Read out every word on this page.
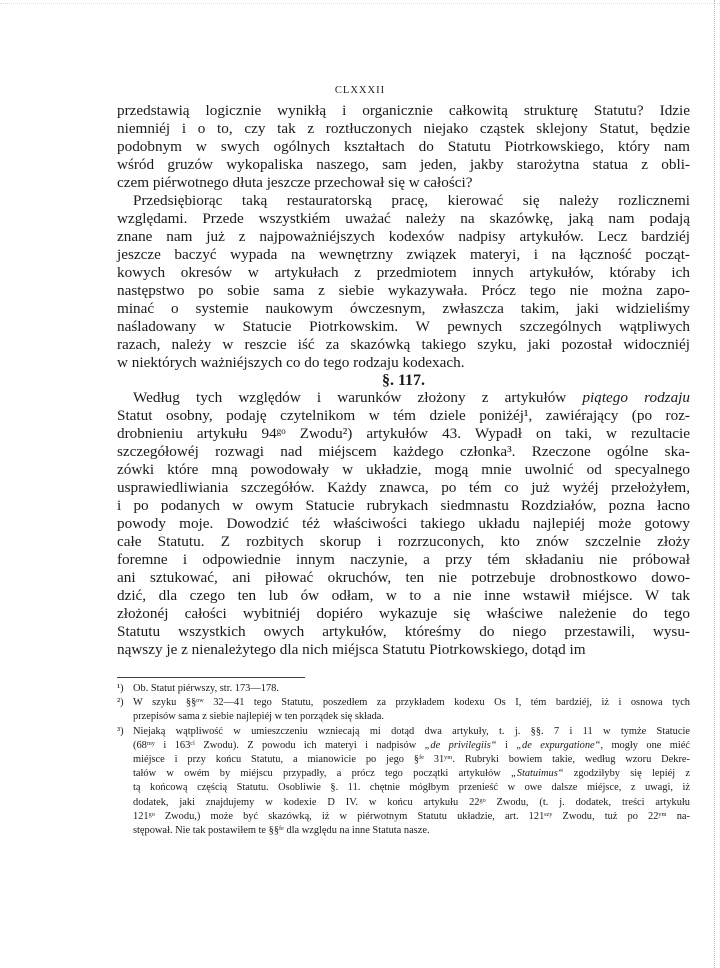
CLXXXII
przedstawią logicznie wynikłą i organicznie całkowitą strukturę Statutu? Idzie
niemniéj i o to, czy tak z roztłuczonych niejako cząstek sklejony Statut, będzie
podobnym w swych ogólnych kształtach do Statutu Piotrkowskiego, który nam
wśród gruzów wykopaliska naszego, sam jeden, jakby starożytna statua z obli-
czem piérwotnego dłuta jeszcze przechował się w całości?
Przedsiębiorąc taką restauratorską pracę, kierować się należy rozlicznemi
względami. Przede wszystkiém uważać należy na skazówkę, jaką nam podają
znane nam już z najpoważniéjszych kodexów nadpisy artykułów. Lecz bardziéj
jeszcze baczyć wypada na wewnętrzny związek materyi, i na łączność począt-
kowych okresów w artykułach z przedmiotem innych artykułów, któraby ich
następstwo po sobie sama z siebie wykazywała. Prócz tego nie można zapo-
minać o systemie naukowym ówczesnym, zwłaszcza takim, jaki widzieliśmy
naśladowany w Statucie Piotrkowskim. W pewnych szczególnych wątpliwych
razach, należy w reszcie iść za skazówką takiego szyku, jaki pozostał widoczniéj
w niektórych ważniéjszych co do tego rodzaju kodexach.
§. 117.
Według tych względów i warunków złożony z artykułów piątego rodzaju
Statut osobny, podaję czytelnikom w tém dziele poniżéj¹, zawiérający (po roz-
drobnieniu artykułu 94ᵍᵒ Zwodu²) artykułów 43. Wypadł on taki, w rezultacie
szczegółowéj rozwagi nad miéjscem każdego członka³. Rzeczone ogólne ska-
zówki które mną powodowały w układzie, mogą mnie uwolnić od specyalnego
usprawiedliwiania szczegółów. Każdy znawca, po tém co już wyżéj przełożyłem,
i po podanych w owym Statucie rubrykach siedmnastu Rozdziałów, pozna łacno
powody moje. Dowodzić téż właściwości takiego układu najlepiéj może gotowy
całe Statutu. Z rozbitych skorup i rozrzuconych, kto znów szczelnie złoży
foremne i odpowiednie innym naczynie, a przy tém składaniu nie próbował
ani sztukować, ani piłować okruchów, ten nie potrzebuje drobnostkowo dowo-
dzić, dla czego ten lub ów odłam, w to a nie inne wstawił miéjsce. W tak
złożonéj całości wybitniéj dopiéro wykazuje się właściwe należenie do tego
Statutu wszystkich owych artykułów, któreśmy do niego przestawili, wysu-
nąwszy je z nienależytego dla nich miéjsca Statutu Piotrkowskiego, dotąd im
¹) Ob. Statut piérwszy, str. 173—178.
²) W szyku §§ᵒʷ 32—41 tego Statutu, poszedłem za przykładem kodexu Os I, tém bardziéj, iż i osnowa tych
przepisów sama z siebie najlepiéj w ten porządek się składa.
³) Niejaką wątpliwość w umieszczeniu wzniecają mi dotąd dwa artykuły, t. j. §§. 7 i 11 w tymże Statucie
(68ᵐʸ i 163ᶜⁱ Zwodu). Z powodu ich materyi i nadpisów „de privilegiis“ i „de expurgatione“, mogły one miéć
miéjsce i przy końcu Statutu, a mianowicie po jego §ᶠᵉ 31ʸᵐ. Rubryki bowiem takie, według wzoru Dekre-
tałów w owém by miéjscu przypadły, a prócz tego początki artykułów „Statuimus“ zgodziłyby się lepiéj z
tą końcową częścią Statutu. Osobliwie §. 11. chętnie mógłbym przenieść w owe dalsze miéjsce, z uwagi, iż
dodatek, jaki znajdujemy w kodexie D IV. w końcu artykułu 22ᵍᵒ Zwodu, (t. j. dodatek, treści artykułu
121ᵍᵒ Zwodu,) może być skazówką, iż w piérwotnym Statutu układzie, art. 121ˢᶻʸ Zwodu, tuż po 22ʸᵐ na-
stępował. Nie tak postawiłem te §§ᶠᵉ dla względu na inne Statuta nasze.
